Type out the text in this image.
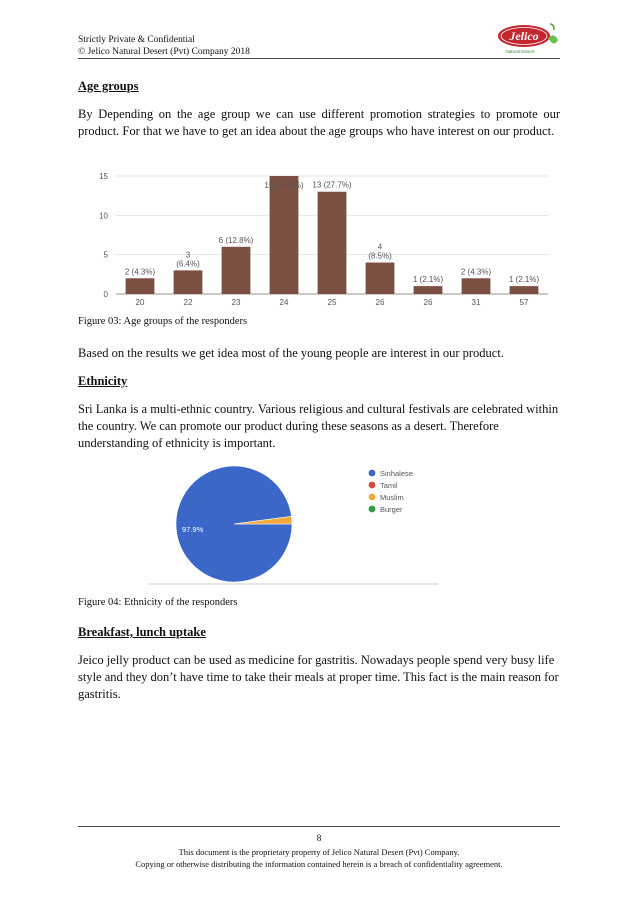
Strictly Private & Confidential
© Jelico Natural Desert (Pvt) Company 2018
Jelico
Natural Desert
Age groups

By Depending on the age group we can use different promotion strategies to promote our product. For that we have to get an idea about the age groups who have interest on our product.

0
5
10
15
20
2 (4.3%)
22
3
(6.4%)
23
6 (12.8%)
24
15 (31.9%)
25
13 (27.7%)
26
4
(8.5%)
26
1 (2.1%)
31
2 (4.3%)
57
1 (2.1%)
Figure 03: Age groups of the responders

Based on the results we get idea most of the young people are interest in our product.

Ethnicity

Sri Lanka is a multi-ethnic country. Various religious and cultural festivals are celebrated within the country. We can promote our product during these seasons as a desert. Therefore understanding of ethnicity is important.

97.9%
Sinhalese
Tamil
Muslim
Burger
Figure 04: Ethnicity of the responders
Breakfast, lunch uptake

Jeico jelly product can be used as medicine for gastritis. Nowadays people spend very busy life style and they don’t have time to take their meals at proper time. This fact is the main reason for gastritis.

8
This document is the proprietary property of Jelico Natural Desert (Pvt) Company.
Copying or otherwise distributing the information contained herein is a breach of confidentiality agreement.
